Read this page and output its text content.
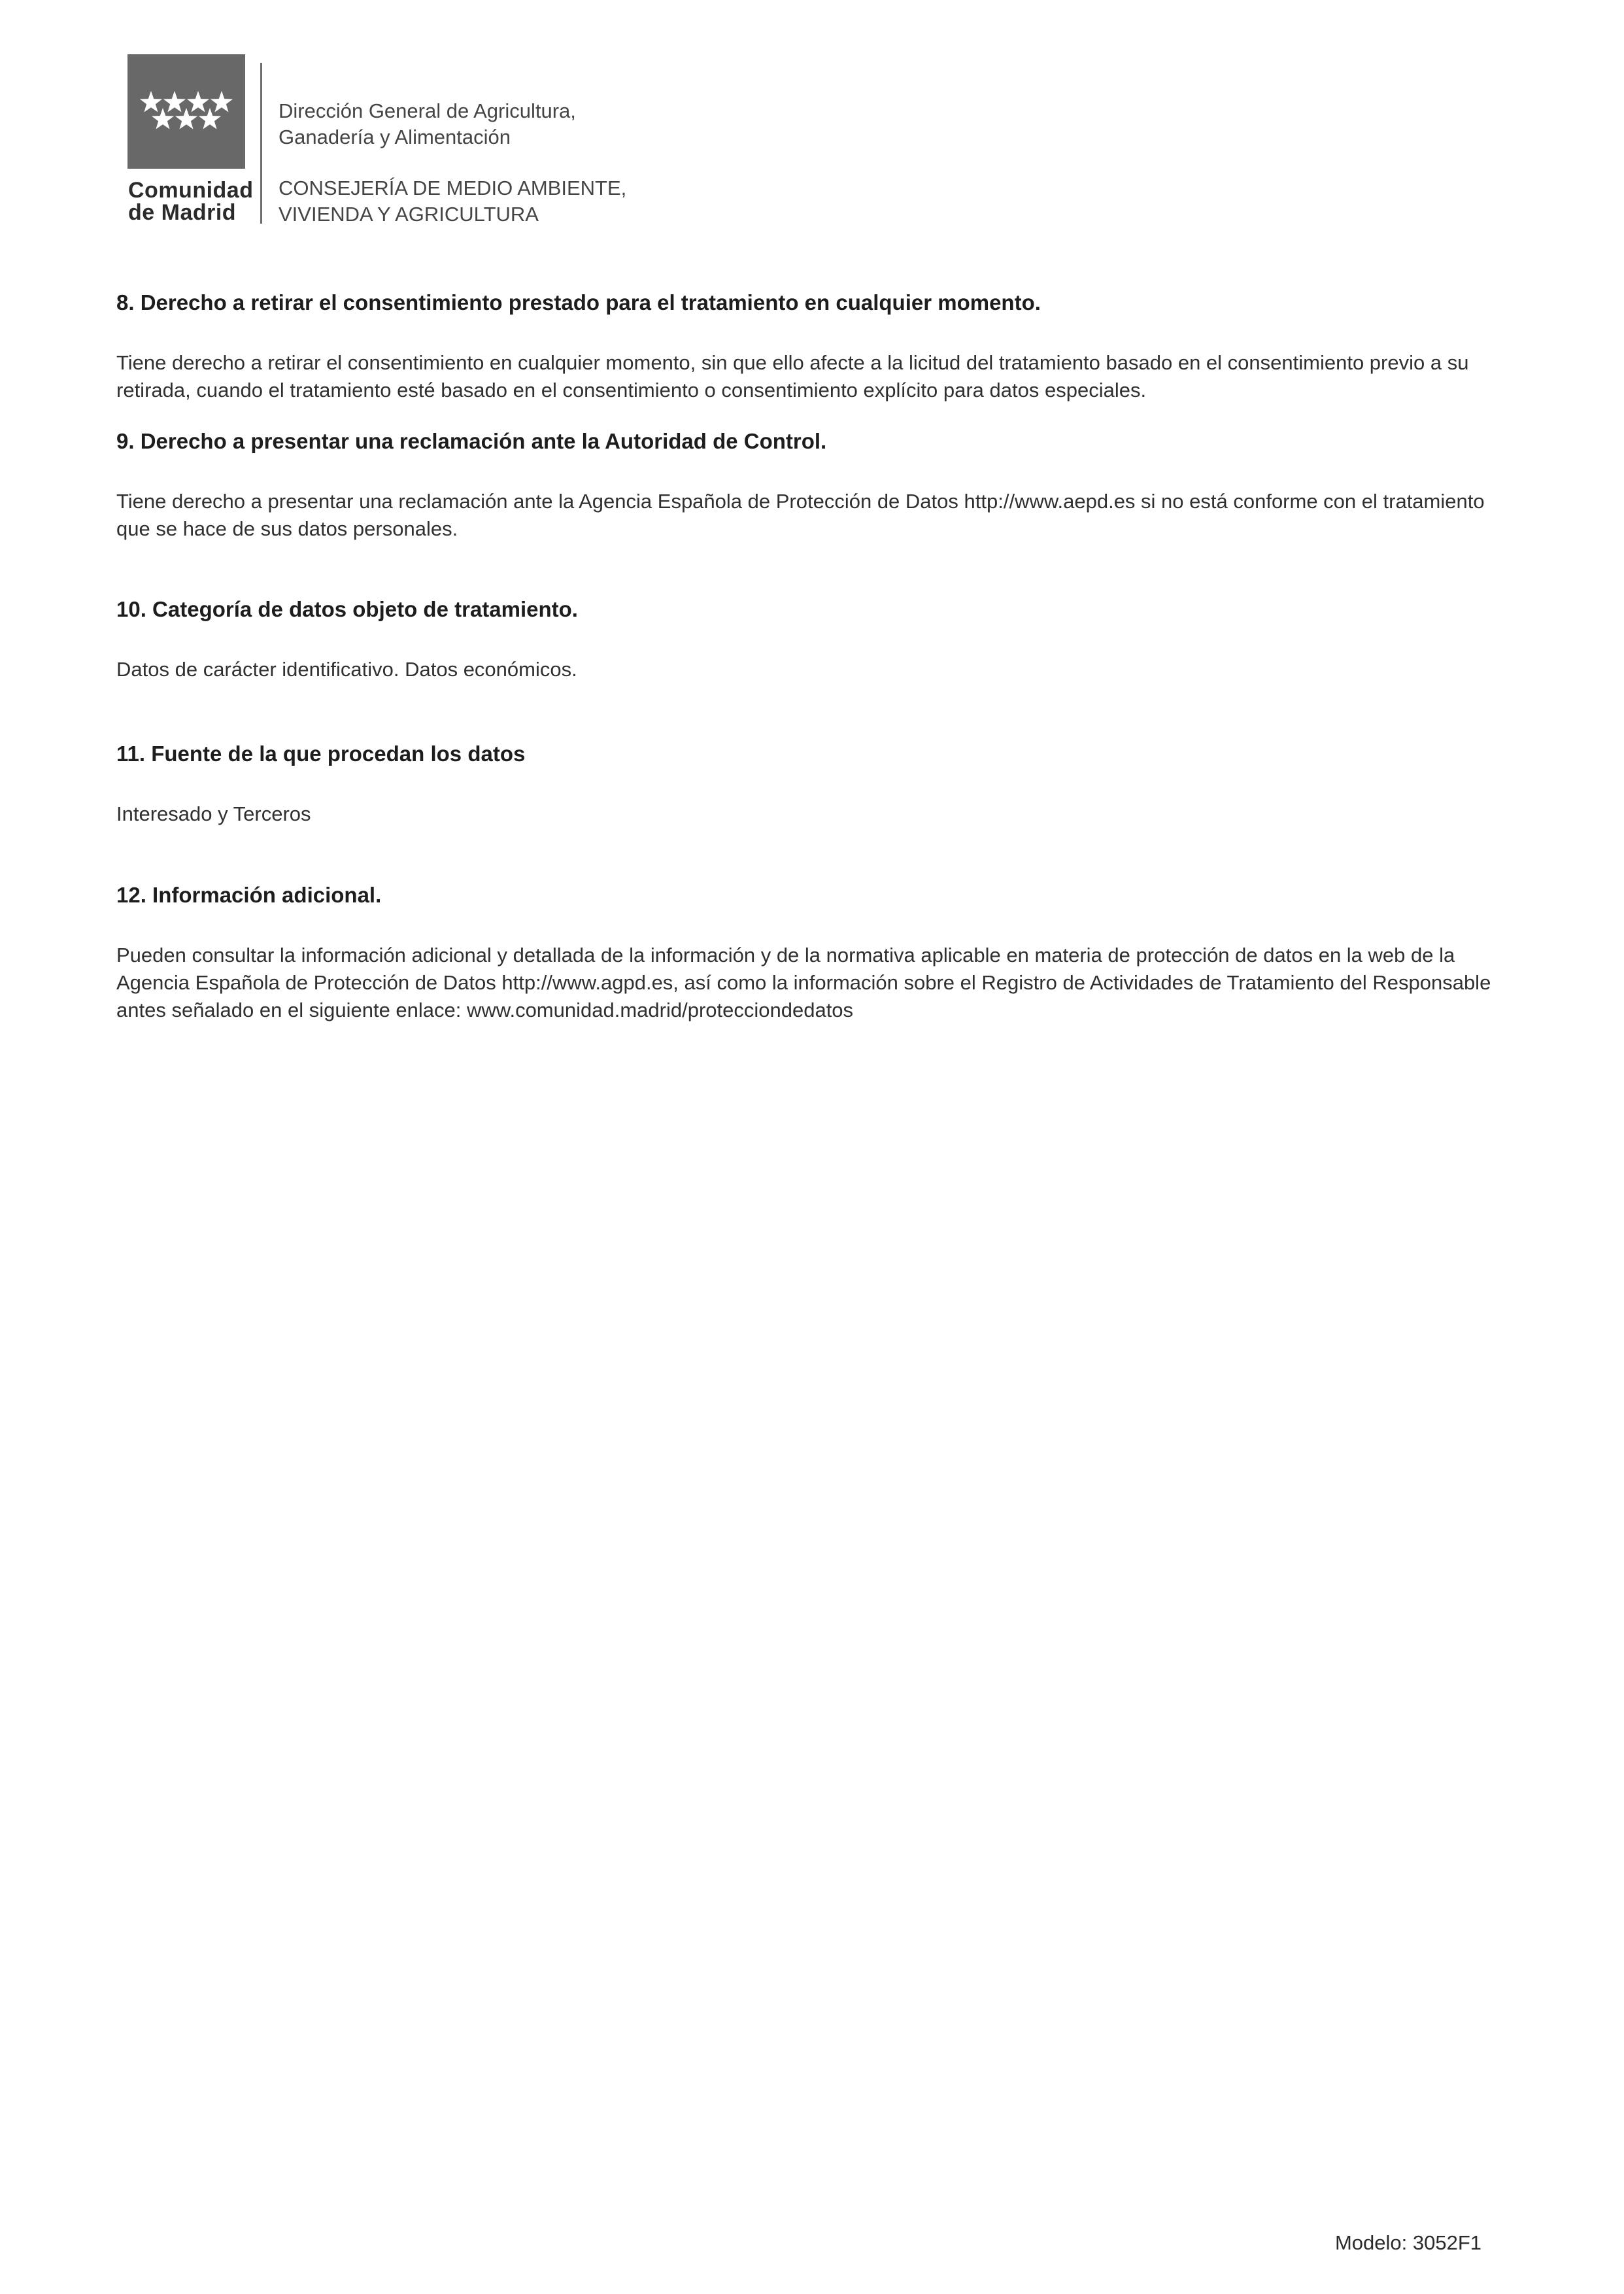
Comunidad
de Madrid
Dirección General de Agricultura,
Ganadería y Alimentación
CONSEJERÍA DE MEDIO AMBIENTE,
VIVIENDA Y AGRICULTURA
8. Derecho a retirar el consentimiento prestado para el tratamiento en cualquier momento.

Tiene derecho a retirar el consentimiento en cualquier momento, sin que ello afecte a la licitud del tratamiento basado en el consentimiento previo a su retirada, cuando el tratamiento esté basado en el consentimiento o consentimiento explícito para datos especiales.

9. Derecho a presentar una reclamación ante la Autoridad de Control.

Tiene derecho a presentar una reclamación ante la Agencia Española de Protección de Datos http://www.aepd.es si no está conforme con el tratamiento que se hace de sus datos personales.

10. Categoría de datos objeto de tratamiento.

Datos de carácter identificativo. Datos económicos.

11. Fuente de la que procedan los datos

Interesado y Terceros

12. Información adicional.

Pueden consultar la información adicional y detallada de la información y de la normativa aplicable en materia de protección de datos en la web de la Agencia Española de Protección de Datos http://www.agpd.es, así como la información sobre el Registro de Actividades de Tratamiento del Responsable antes señalado en el siguiente enlace: www.comunidad.madrid/protecciondedatos

Modelo: 3052F1
